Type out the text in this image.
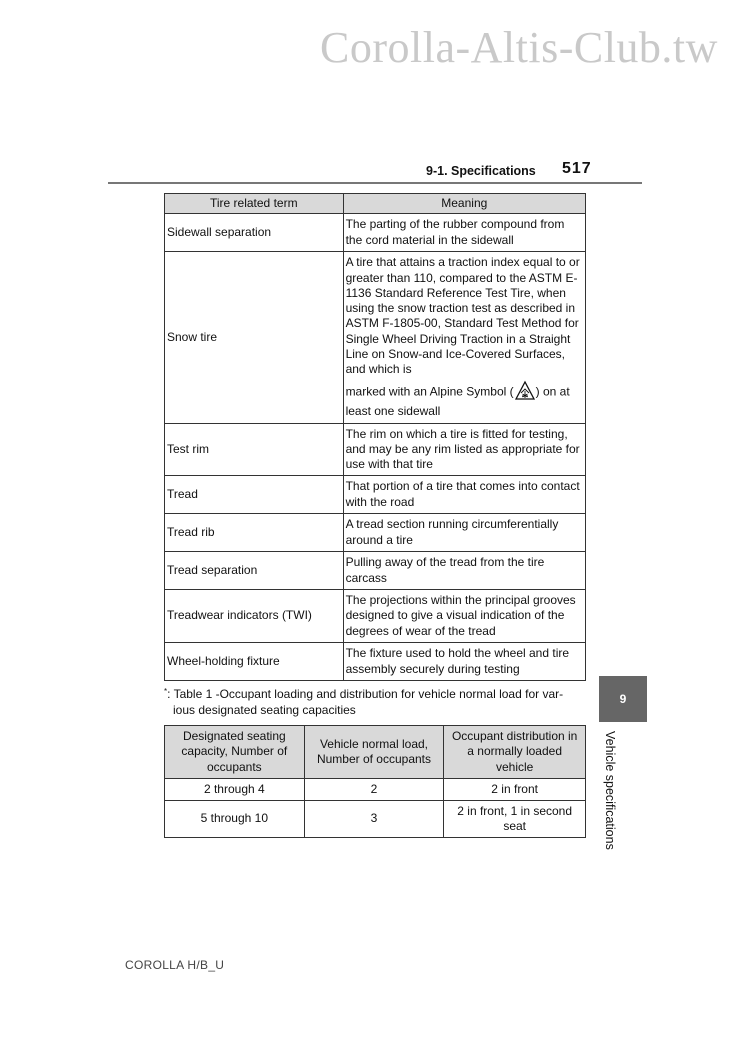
Corolla-Altis-Club.tw
9-1. Specifications 517
Tire related term	Meaning
Sidewall separation	The parting of the rubber compound from the cord material in the sidewall
Snow tire	A tire that attains a traction index equal to or greater than 110, compared to the ASTM E-1136 Standard Reference Test Tire, when using the snow traction test as described in ASTM F-1805-00, Standard Test Method for Single Wheel Driving Traction in a Straight Line on Snow-and Ice-Covered Surfaces, and which is
marked with an Alpine Symbol ( ) on at least one sidewall

Test rim	The rim on which a tire is fitted for testing, and may be any rim listed as appropriate for use with that tire
Tread	That portion of a tire that comes into contact with the road
Tread rib	A tread section running circumferentially around a tire
Tread separation	Pulling away of the tread from the tire carcass
Treadwear indicators (TWI)	The projections within the principal grooves designed to give a visual indication of the degrees of wear of the tread
Wheel-holding fixture	The fixture used to hold the wheel and tire assembly securely during testing
*: Table 1 -Occupant loading and distribution for vehicle normal load for var-
ious designated seating capacities
Designated seating capacity, Number of occupants	Vehicle normal load, Number of occupants	Occupant distribution in a normally loaded vehicle
2 through 4	2	2 in front
5 through 10	3	2 in front, 1 in second seat
9
Vehicle specifications
COROLLA H/B_U
